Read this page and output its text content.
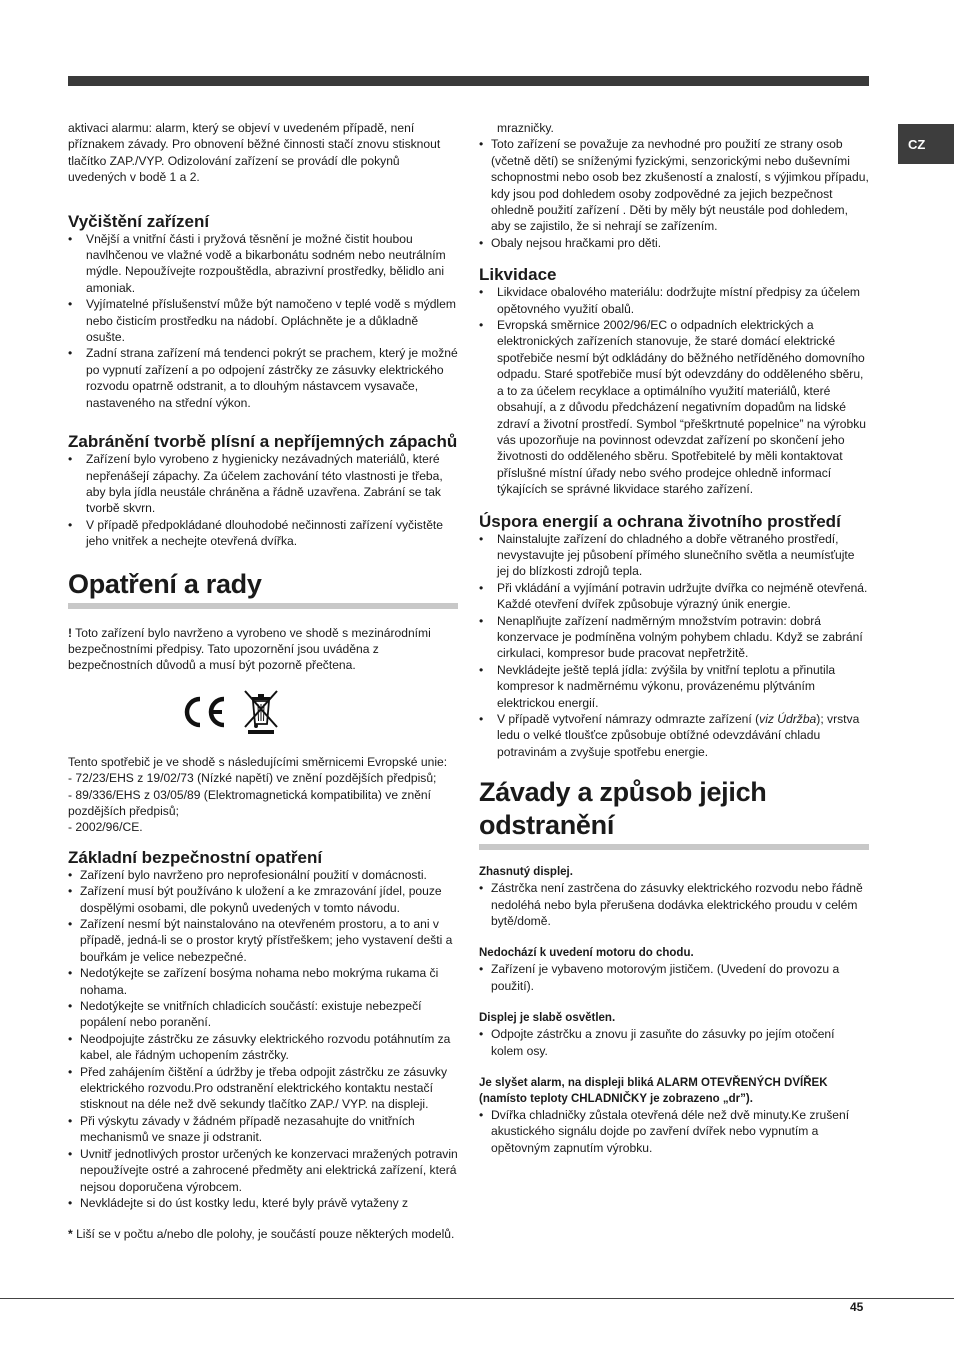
CZ

aktivaci alarmu: alarm, který se objeví v uvedeném případě, není příznakem závady. Pro obnovení běžné činnosti stačí znovu stisknout tlačítko ZAP./VYP. Odizolování zařízení se provádí dle pokynů uvedených v bodě 1 a 2.

Vyčištění zařízení
• Vnější a vnitřní části i pryžová těsnění je možné čistit houbou navlhčenou ve vlažné vodě a bikarbonátu sodném nebo neutrálním mýdle. Nepoužívejte rozpouštědla, abrazivní prostředky, bělidlo ani amoniak.
• Vyjímatelné příslušenství může být namočeno v teplé vodě s mýdlem nebo čisticím prostředku na nádobí. Opláchněte je a důkladně osušte.
• Zadní strana zařízení má tendenci pokrýt se prachem, který je možné po vypnutí zařízení a po odpojení zástrčky ze zásuvky elektrického rozvodu opatrně odstranit, a to dlouhým nástavcem vysavače, nastaveného na střední výkon.
Zabránění tvorbě plísní a nepříjemných zápachů
• Zařízení bylo vyrobeno z hygienicky nezávadných materiálů, které nepřenášejí zápachy. Za účelem zachování této vlastnosti je třeba, aby byla jídla neustále chráněna a řádně uzavřena. Zabrání se tak tvorbě skvrn.
• V případě předpokládané dlouhodobé nečinnosti zařízení vyčistěte jeho vnitřek a nechejte otevřená dvířka.
Opatření a rady

! Toto zařízení bylo navrženo a vyrobeno ve shodě s mezinárodními bezpečnostními předpisy. Tato upozornění jsou uváděna z bezpečnostních důvodů a musí být pozorně přečtena.

Tento spotřebič je ve shodě s následujícími směrnicemi Evropské unie:

- 72/23/EHS z 19/02/73 (Nízké napětí) ve znění pozdějších předpisů;

- 89/336/EHS z 03/05/89 (Elektromagnetická kompatibilita) ve znění pozdějších předpisů;

- 2002/96/CE.

Základní bezpečnostní opatření
• Zařízení bylo navrženo pro neprofesionální použití v domácnosti.
• Zařízení musí být používáno k uložení a ke zmrazování jídel, pouze dospělými osobami, dle pokynů uvedených v tomto návodu.
• Zařízení nesmí být nainstalováno na otevřeném prostoru, a to ani v případě, jedná-li se o prostor krytý přístřeškem; jeho vystavení dešti a bouřkám je velice nebezpečné.
• Nedotýkejte se zařízení bosýma nohama nebo mokrýma rukama či nohama.
• Nedotýkejte se vnitřních chladicích součástí: existuje nebezpečí popálení nebo poranění.
• Neodpojujte zástrčku ze zásuvky elektrického rozvodu potáhnutím za kabel, ale řádným uchopením zástrčky.
• Před zahájením čištění a údržby je třeba odpojit zástrčku ze zásuvky elektrického rozvodu.Pro odstranění elektrického kontaktu nestačí stisknout na déle než dvě sekundy tlačítko ZAP./ VYP. na displeji.
• Při výskytu závady v žádném případě nezasahujte do vnitřních mechanismů ve snaze ji odstranit.
• Uvnitř jednotlivých prostor určených ke konzervaci mražených potravin nepoužívejte ostré a zahrocené předměty ani elektrická zařízení, která nejsou doporučena výrobcem.
• Nevkládejte si do úst kostky ledu, které byly právě vytaženy z

* Liší se v počtu a/nebo dle polohy, je součástí pouze některých modelů.

mrazničky.

• Toto zařízení se považuje za nevhodné pro použití ze strany osob (včetně dětí) se sníženými fyzickými, senzorickými nebo duševními schopnostmi nebo osob bez zkušeností a znalostí, s výjimkou případu, kdy jsou pod dohledem osoby zodpovědné za jejich bezpečnost ohledně použití zařízení . Děti by měly být neustále pod dohledem, aby se zajistilo, že si nehrají se zařízením.
• Obaly nejsou hračkami pro děti.
Likvidace
• Likvidace obalového materiálu: dodržujte místní předpisy za účelem opětovného využití obalů.
• Evropská směrnice 2002/96/EC o odpadních elektrických a elektronických zařízeních stanovuje, že staré domácí elektrické spotřebiče nesmí být odkládány do běžného netříděného domovního odpadu. Staré spotřebiče musí být odevzdány do odděleného sběru, a to za účelem recyklace a optimálního využití materiálů, které obsahují, a z důvodu předcházení negativním dopadům na lidské zdraví a životní prostředí. Symbol “přeškrtnuté popelnice” na výrobku vás upozorňuje na povinnost odevzdat zařízení po skončení jeho životnosti do odděleného sběru. Spotřebitelé by měli kontaktovat příslušné místní úřady nebo svého prodejce ohledně informací týkajících se správné likvidace starého zařízení.
Úspora energií a ochrana životního prostředí
• Nainstalujte zařízení do chladného a dobře větraného prostředí, nevystavujte jej působení přímého slunečního světla a neumísťujte jej do blízkosti zdrojů tepla.
• Při vkládání a vyjímání potravin udržujte dvířka co nejméně otevřená.
Každé otevření dvířek způsobuje výrazný únik energie.
• Nenaplňujte zařízení nadměrným množstvím potravin: dobrá konzervace je podmíněna volným pohybem chladu. Když se zabrání cirkulaci, kompresor bude pracovat nepřetržitě.
• Nevkládejte ještě teplá jídla: zvýšila by vnitřní teplotu a přinutila kompresor k nadměrnému výkonu, provázenému plýtváním elektrickou energií.
• V případě vytvoření námrazy odmrazte zařízení (viz Údržba); vrstva ledu o velké tloušťce způsobuje obtížné odevzdávání chladu potravinám a zvyšuje spotřebu energie.
Závady a způsob jejich odstranění
Zhasnutý displej.
• Zástrčka není zastrčena do zásuvky elektrického rozvodu nebo řádně nedoléhá nebo byla přerušena dodávka elektrického proudu v celém bytě/domě.
Nedochází k uvedení motoru do chodu.
• Zařízení je vybaveno motorovým jističem. (Uvedení do provozu a použití).
Displej je slabě osvětlen.
• Odpojte zástrčku a znovu ji zasuňte do zásuvky po jejím otočení kolem osy.
Je slyšet alarm, na displeji bliká ALARM OTEVŘENÝCH DVÍŘEK (namísto teploty CHLADNIČKY je zobrazeno „dr”).
• Dvířka chladničky zůstala otevřená déle než dvě minuty.Ke zrušení akustického signálu dojde po zavření dvířek nebo vypnutím a opětovným zapnutím výrobku.
45
